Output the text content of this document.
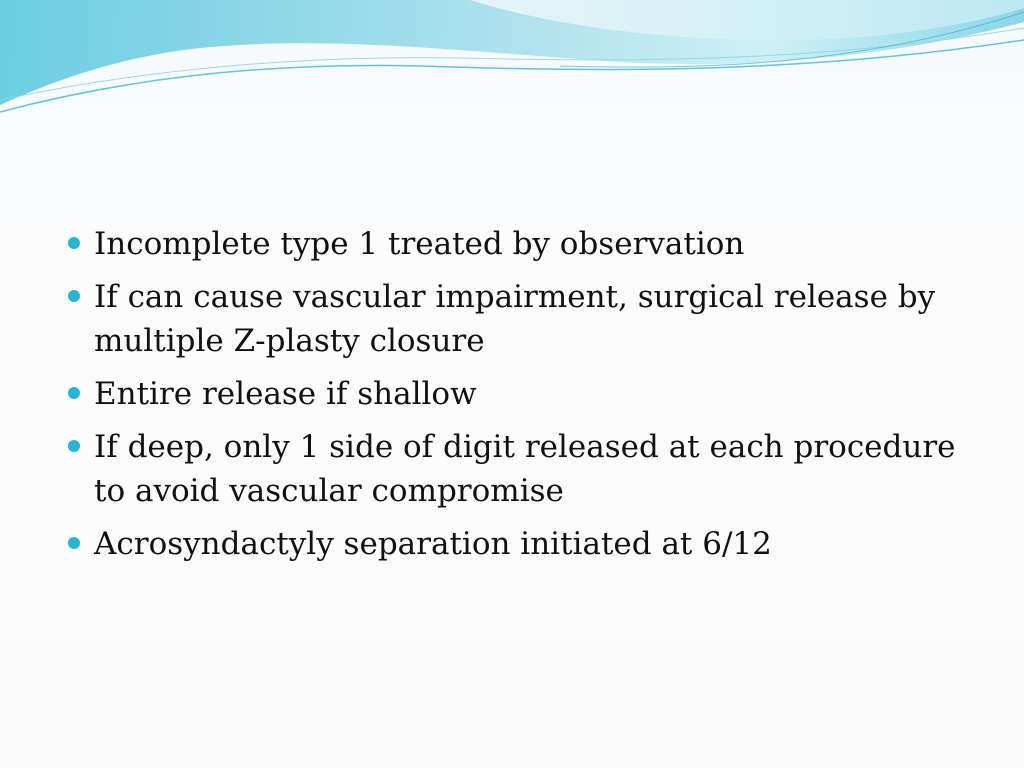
Incomplete type 1 treated by observation
If can cause vascular impairment, surgical release by multiple Z-plasty closure
Entire release if shallow
If deep, only 1 side of digit released at each procedure to avoid vascular compromise
Acrosyndactyly separation initiated at 6/12
